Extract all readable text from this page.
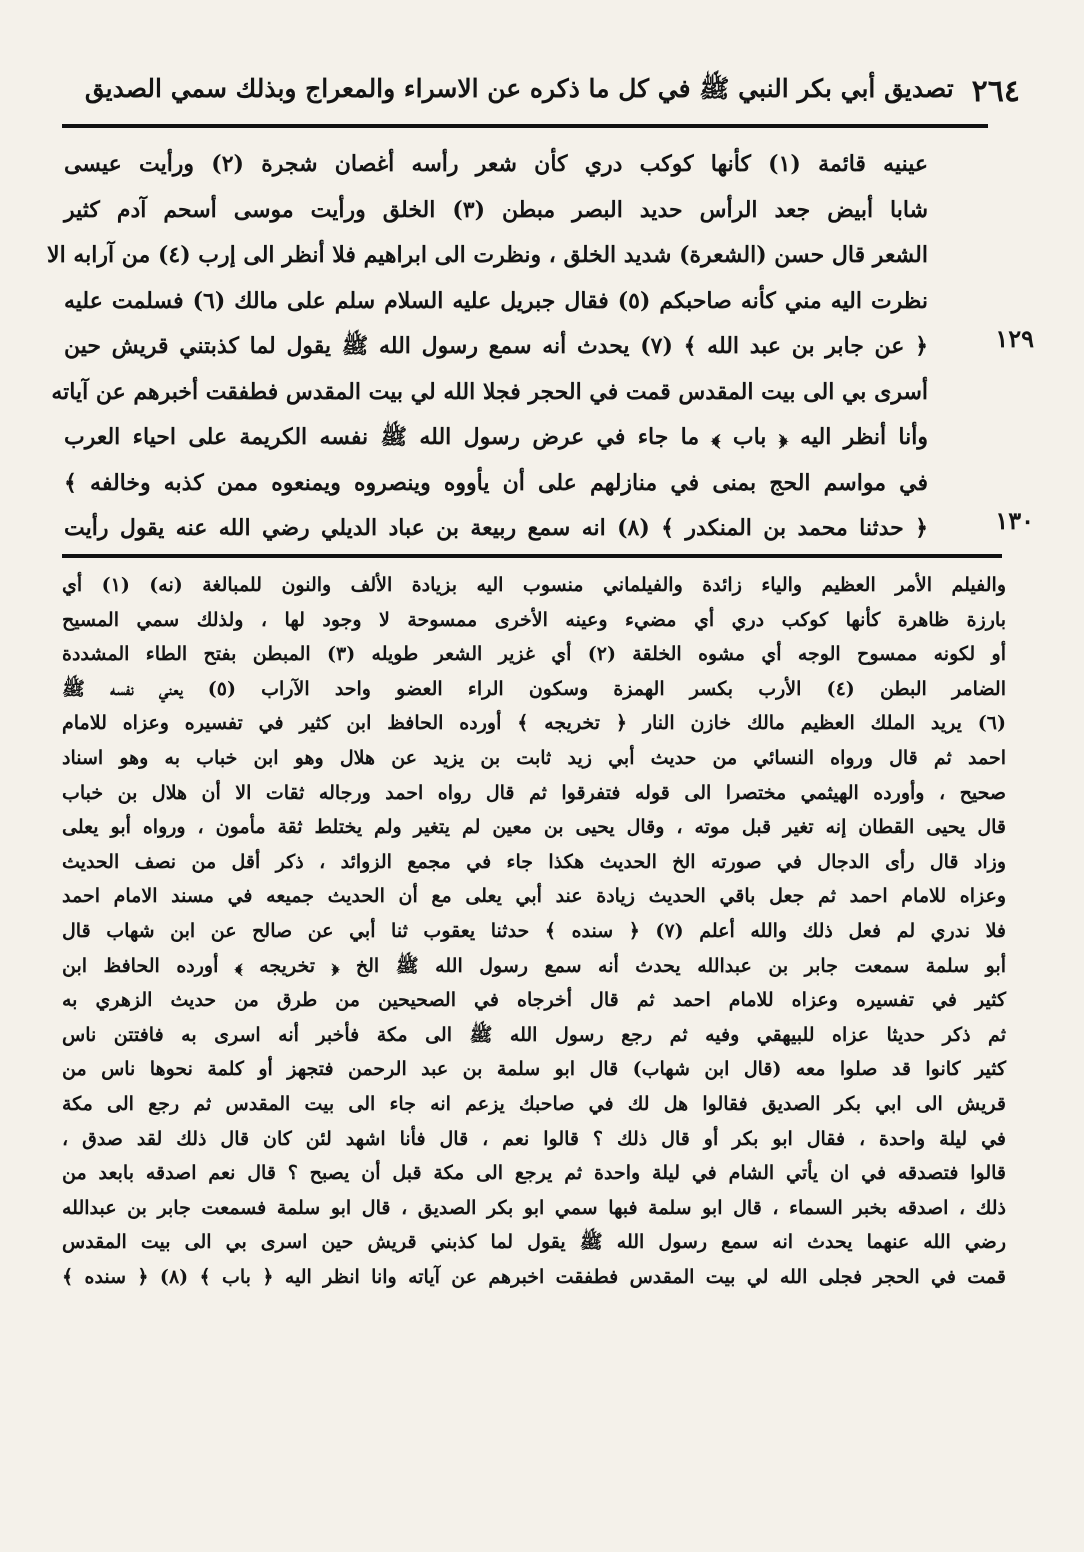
٢٦٤
تصديق أبي بكر النبي ﷺ في كل ما ذكره عن الاسراء والمعراج وبذلك سمي الصديق
١٢٩
١٣٠
عينيه قائمة (١) كأنها كوكب دري كأن شعر رأسه أغصان شجرة (٢) ورأيت عيسى
شابا أبيض جعد الرأس حديد البصر مبطن (٣) الخلق ورأيت موسى أسحم آدم كثير
الشعر قال حسن (الشعرة) شديد الخلق ، ونظرت الى ابراهيم فلا أنظر الى إرب (٤) من آرابه الا
نظرت اليه مني كأنه صاحبكم (٥) فقال جبريل عليه السلام سلم على مالك (٦) فسلمت عليه
﴿ عن جابر بن عبد الله ﴾ (٧) يحدث أنه سمع رسول الله ﷺ يقول لما كذبتني قريش حين
أسرى بي الى بيت المقدس قمت في الحجر فجلا الله لي بيت المقدس فطفقت أخبرهم عن آياته
وأنا أنظر اليه ﴿ باب ﴾ ما جاء في عرض رسول الله ﷺ نفسه الكريمة على احياء العرب
في مواسم الحج بمنى في منازلهم على أن يأووه وينصروه ويمنعوه ممن كذبه وخالفه ﴾
﴿ حدثنا محمد بن المنكدر ﴾ (٨) انه سمع ربيعة بن عباد الديلي رضي الله عنه يقول رأيت
والفيلم الأمر العظيم والياء زائدة والفيلماني منسوب اليه بزيادة الألف والنون للمبالغة (نه) (١) أي
بارزة ظاهرة كأنها كوكب دري أي مضيء وعينه الأخرى ممسوحة لا وجود لها ، ولذلك سمي المسيح
أو لكونه ممسوح الوجه أي مشوه الخلقة (٢) أي غزير الشعر طويله (٣) المبطن بفتح الطاء المشددة
الضامر البطن (٤) الأرب بكسر الهمزة وسكون الراء العضو واحد الآراب (٥) يعني نفسه ﷺ
(٦) يريد الملك العظيم مالك خازن النار ﴿ تخريجه ﴾ أورده الحافظ ابن كثير في تفسيره وعزاه للامام
احمد ثم قال ورواه النسائي من حديث أبي زيد ثابت بن يزيد عن هلال وهو ابن خباب به وهو اسناد
صحيح ، وأورده الهيثمي مختصرا الى قوله فتفرقوا ثم قال رواه احمد ورجاله ثقات الا أن هلال بن خباب
قال يحيى القطان إنه تغير قبل موته ، وقال يحيى بن معين لم يتغير ولم يختلط ثقة مأمون ، ورواه أبو يعلى
وزاد قال رأى الدجال في صورته الخ الحديث هكذا جاء في مجمع الزوائد ، ذكر أقل من نصف الحديث
وعزاه للامام احمد ثم جعل باقي الحديث زيادة عند أبي يعلى مع أن الحديث جميعه في مسند الامام احمد
فلا ندري لم فعل ذلك والله أعلم (٧) ﴿ سنده ﴾ حدثنا يعقوب ثنا أبي عن صالح عن ابن شهاب قال
أبو سلمة سمعت جابر بن عبدالله يحدث أنه سمع رسول الله ﷺ الخ ﴿ تخريجه ﴾ أورده الحافظ ابن
كثير في تفسيره وعزاه للامام احمد ثم قال أخرجاه في الصحيحين من طرق من حديث الزهري به
ثم ذكر حديثا عزاه للبيهقي وفيه ثم رجع رسول الله ﷺ الى مكة فأخبر أنه اسرى به فافتتن ناس
كثير كانوا قد صلوا معه (قال ابن شهاب) قال ابو سلمة بن عبد الرحمن فتجهز أو كلمة نحوها ناس من
قريش الى ابي بكر الصديق فقالوا هل لك في صاحبك يزعم انه جاء الى بيت المقدس ثم رجع الى مكة
في ليلة واحدة ، فقال ابو بكر أو قال ذلك ؟ قالوا نعم ، قال فأنا اشهد لئن كان قال ذلك لقد صدق ،
قالوا فتصدقه في ان يأتي الشام في ليلة واحدة ثم يرجع الى مكة قبل أن يصبح ؟ قال نعم اصدقه بابعد من
ذلك ، اصدقه بخبر السماء ، قال ابو سلمة فبها سمي ابو بكر الصديق ، قال ابو سلمة فسمعت جابر بن عبدالله
رضي الله عنهما يحدث انه سمع رسول الله ﷺ يقول لما كذبني قريش حين اسرى بي الى بيت المقدس
قمت في الحجر فجلى الله لي بيت المقدس فطفقت اخبرهم عن آياته وانا انظر اليه ﴿ باب ﴾ (٨) ﴿ سنده ﴾
